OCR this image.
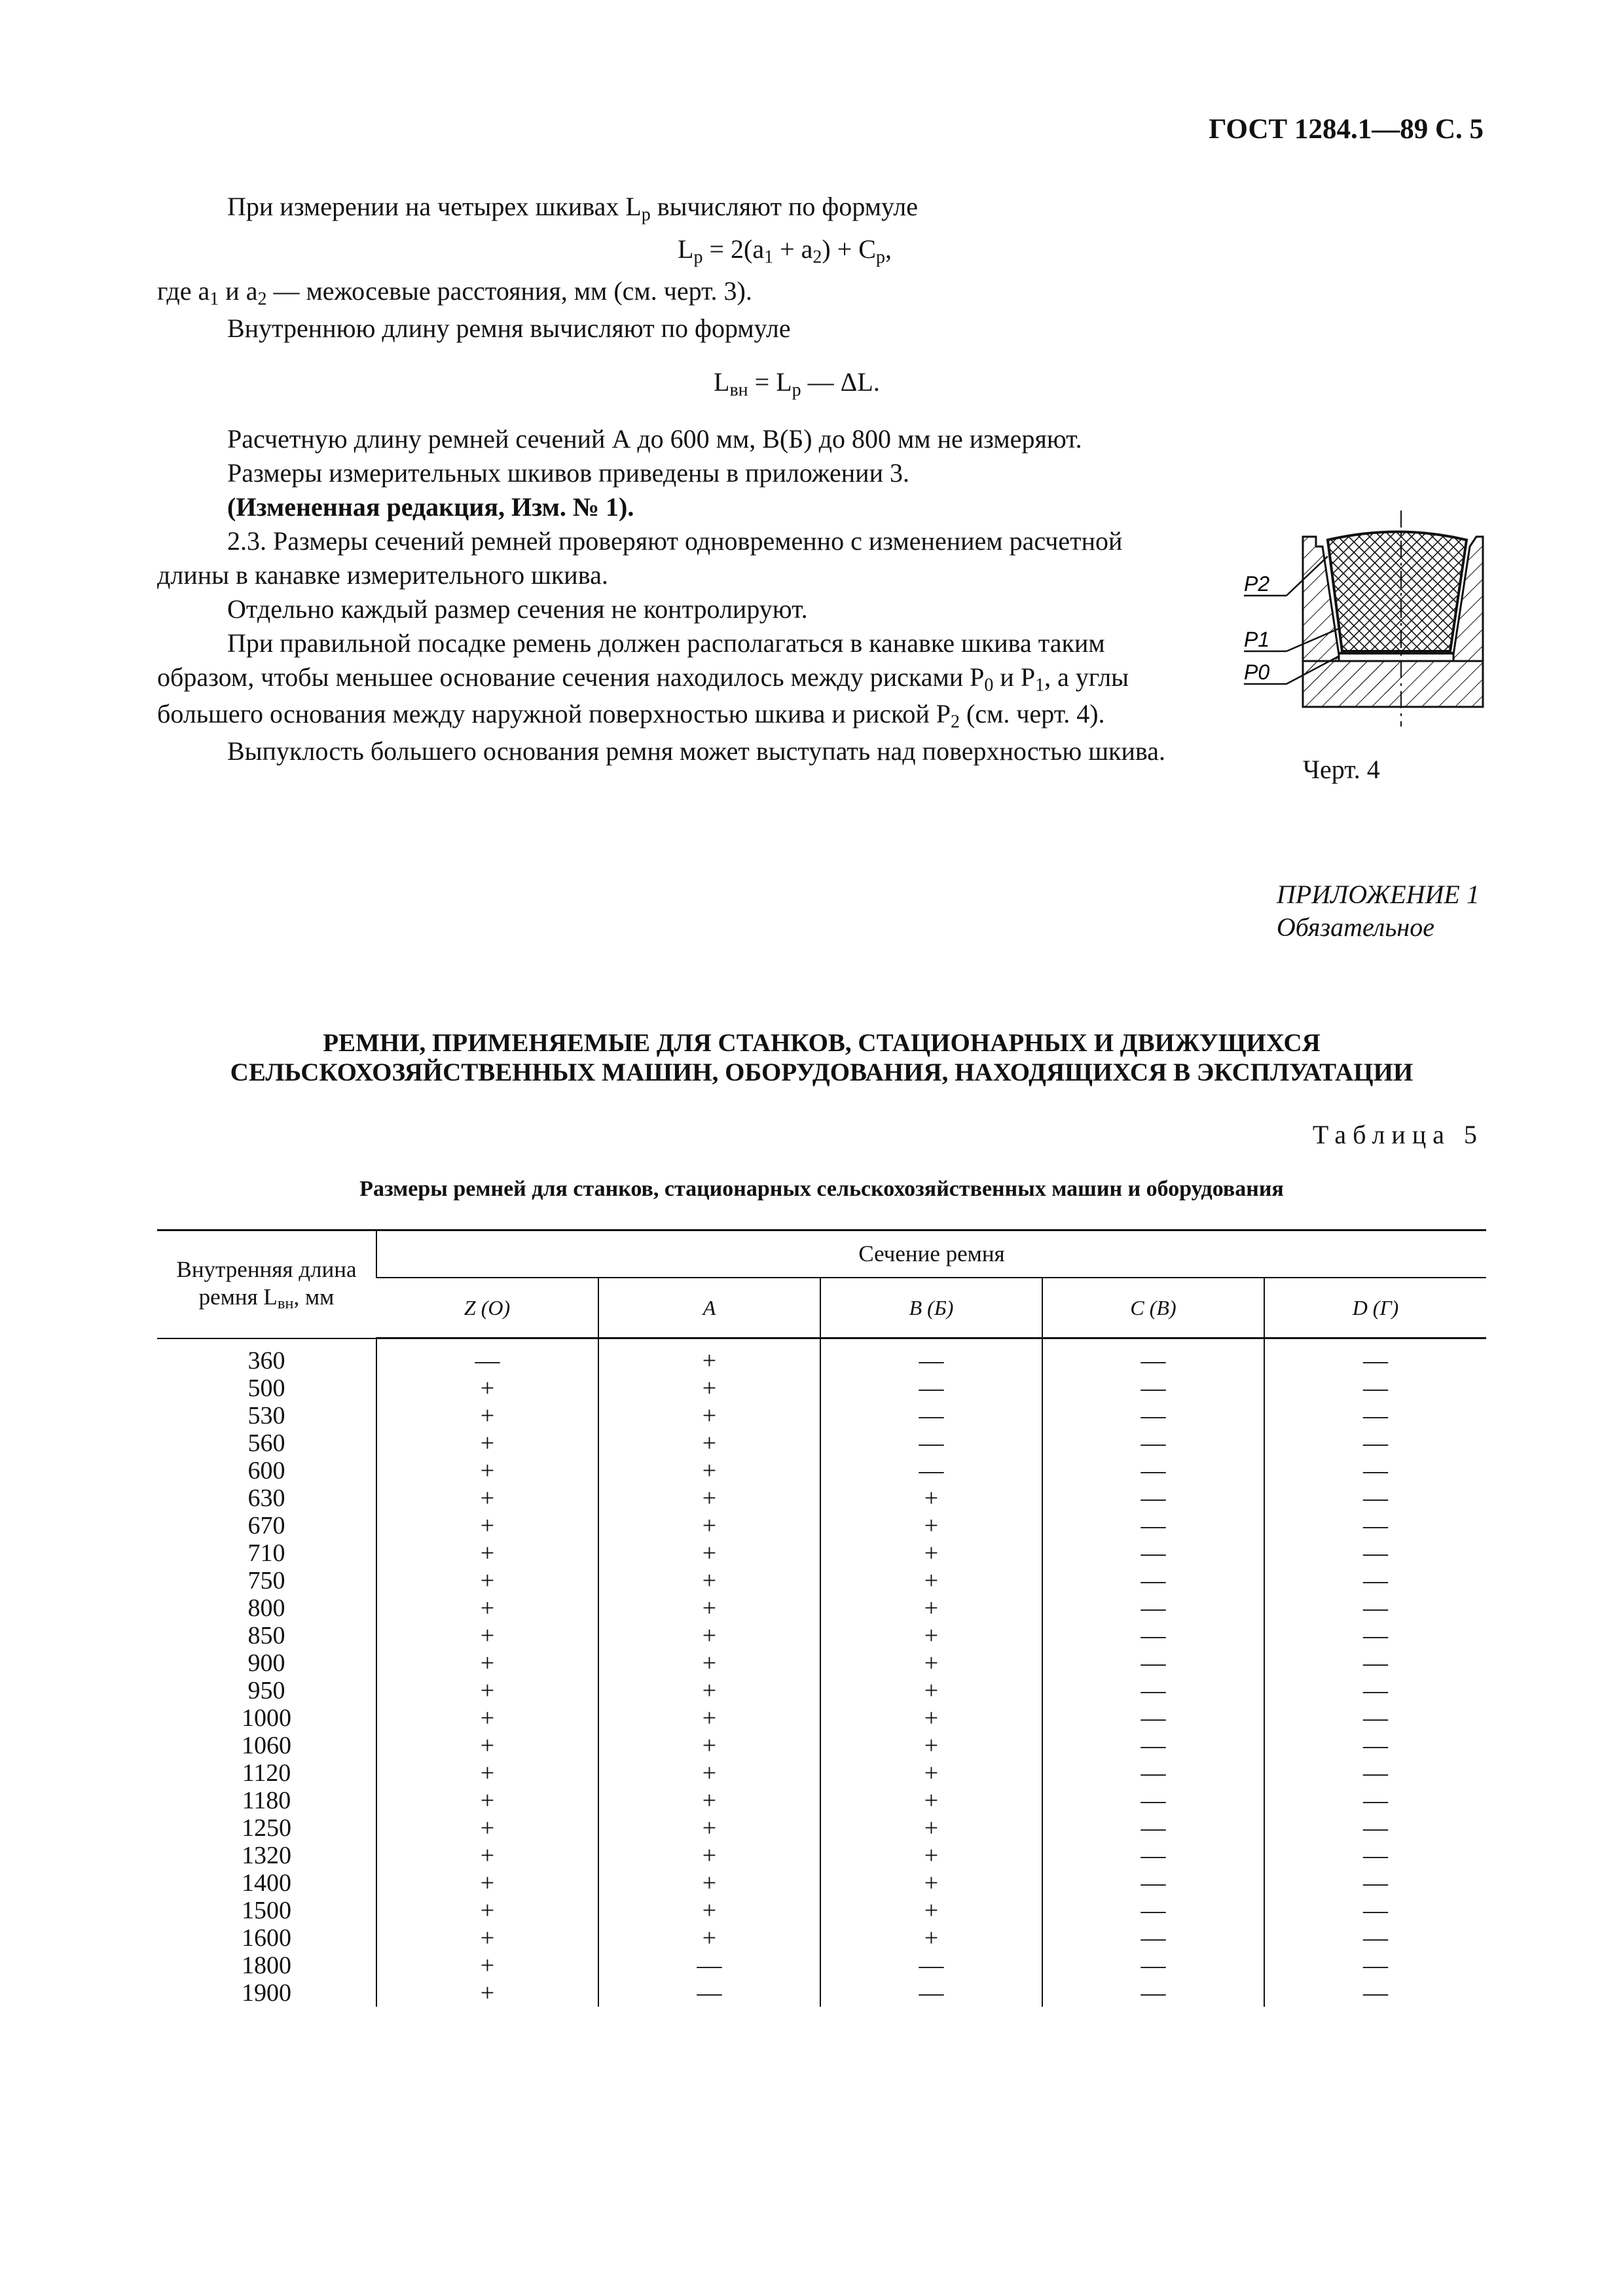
ГОСТ 1284.1—89 С. 5

При измерении на четырех шкивах $L_p$ вычисляют по формуле

$L_p = 2(a_1 + a_2) + C_p$,

где $a_1$ и $a_2$ — межосевые расстояния, мм (см. черт. 3).

Внутреннюю длину ремня вычисляют по формуле

$L_{вн} = L_p$ — ΔL.

Расчетную длину ремней сечений А до 600 мм, В(Б) до 800 мм не измеряют.

Размеры измерительных шкивов приведены в приложении 3.

(Измененная редакция, Изм. № 1).

2.3. Размеры сечений ремней проверяют одновременно с изменением расчетной длины в канавке измерительного шкива.

Отдельно каждый размер сечения не контролируют.

При правильной посадке ремень должен располагаться в канавке шкива таким образом, чтобы меньшее основание сечения находилось между рисками $P_0$ и $P_1$, а углы большего основания между наружной поверхностью шкива и риской $P_2$ (см. черт. 4).

Выпуклость большего основания ремня может выступать над поверхностью шкива.

P2
P1
P0
Черт. 4
ПРИЛОЖЕНИЕ 1
Обязательное
РЕМНИ, ПРИМЕНЯЕМЫЕ ДЛЯ СТАНКОВ, СТАЦИОНАРНЫХ И ДВИЖУЩИХСЯ
СЕЛЬСКОХОЗЯЙСТВЕННЫХ МАШИН, ОБОРУДОВАНИЯ, НАХОДЯЩИХСЯ В ЭКСПЛУАТАЦИИ
Таблица 5
Размеры ремней для станков, стационарных сельскохозяйственных машин и оборудования
Внутренняя длина
ремня $L_{вн}$, мм	Сечение ремня				
	Z (O)	A	B (Б)	C (B)	D (Г)
360	—	+	—	—	—
500	+	+	—	—	—
530	+	+	—	—	—
560	+	+	—	—	—
600	+	+	—	—	—
630	+	+	+	—	—
670	+	+	+	—	—
710	+	+	+	—	—
750	+	+	+	—	—
800	+	+	+	—	—
850	+	+	+	—	—
900	+	+	+	—	—
950	+	+	+	—	—
1000	+	+	+	—	—
1060	+	+	+	—	—
1120	+	+	+	—	—
1180	+	+	+	—	—
1250	+	+	+	—	—
1320	+	+	+	—	—
1400	+	+	+	—	—
1500	+	+	+	—	—
1600	+	+	+	—	—
1800	+	—	—	—	—
1900	+	—	—	—	—
